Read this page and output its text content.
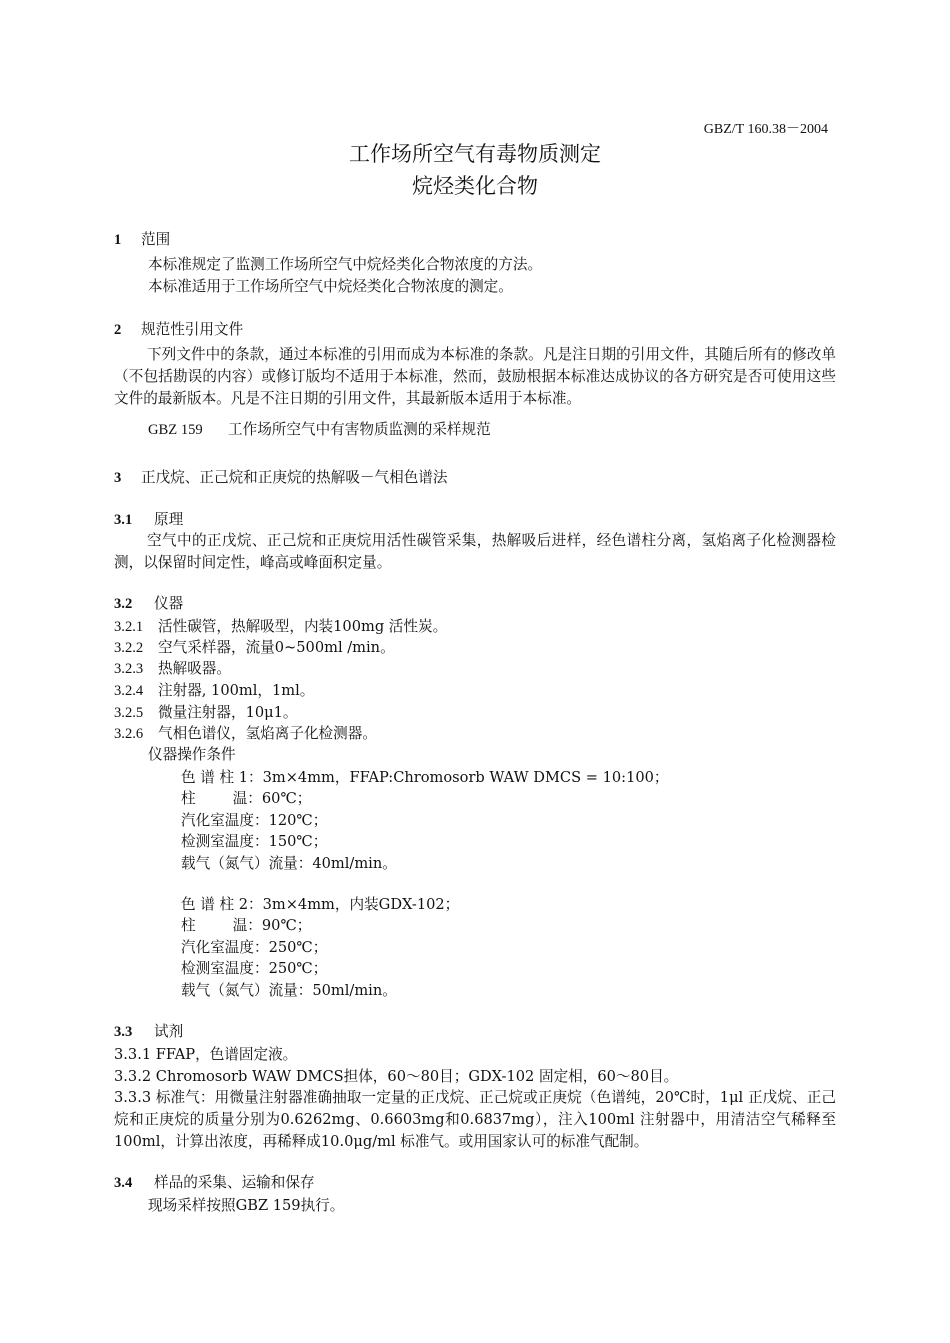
GBZ/T 160.38－2004
工作场所空气有毒物质测定
烷烃类化合物
1 范围
本标准规定了监测工作场所空气中烷烃类化合物浓度的方法。
本标准适用于工作场所空气中烷烃类化合物浓度的测定。
2 规范性引用文件

下列文件中的条款，通过本标准的引用而成为本标准的条款。凡是注日期的引用文件，其随后所有的修改单（不包括勘误的内容）或修订版均不适用于本标准，然而，鼓励根据本标准达成协议的各方研究是否可使用这些文件的最新版本。凡是不注日期的引用文件，其最新版本适用于本标准。

GBZ 159 工作场所空气中有害物质监测的采样规范
3 正戊烷、正己烷和正庚烷的热解吸－气相色谱法
3.1 原理

空气中的正戊烷、正己烷和正庚烷用活性碳管采集，热解吸后进样，经色谱柱分离，氢焰离子化检测器检测，以保留时间定性，峰高或峰面积定量。

3.2 仪器
3.2.1 活性碳管，热解吸型，内装100mg 活性炭。
3.2.2 空气采样器，流量0~500ml /min。
3.2.3 热解吸器。
3.2.4 注射器, 100ml，1ml。
3.2.5 微量注射器，10μ1。
3.2.6 气相色谱仪，氢焰离子化检测器。
仪器操作条件
色 谱 柱 1：3m×4mm，FFAP:Chromosorb WAW DMCS = 10:100；
柱        温：60℃；
汽化室温度：120℃；
检测室温度：150℃；
载气（氮气）流量：40ml/min。
色 谱 柱 2：3m×4mm，内装GDX-102；
柱        温：90℃；
汽化室温度：250℃；
检测室温度：250℃；
载气（氮气）流量：50ml/min。
3.3 试剂
3.3.1 FFAP，色谱固定液。
3.3.2 Chromosorb WAW DMCS担体，60～80目；GDX-102 固定相，60～80目。

3.3.3 标准气：用微量注射器准确抽取一定量的正戊烷、正己烷或正庚烷（色谱纯，20℃时，1μl 正戊烷、正己烷和正庚烷的质量分别为0.6262mg、0.6603mg和0.6837mg），注入100ml 注射器中，用清洁空气稀释至100ml，计算出浓度，再稀释成10.0μg/ml 标准气。或用国家认可的标准气配制。

3.4 样品的采集、运输和保存
现场采样按照GBZ 159执行。
